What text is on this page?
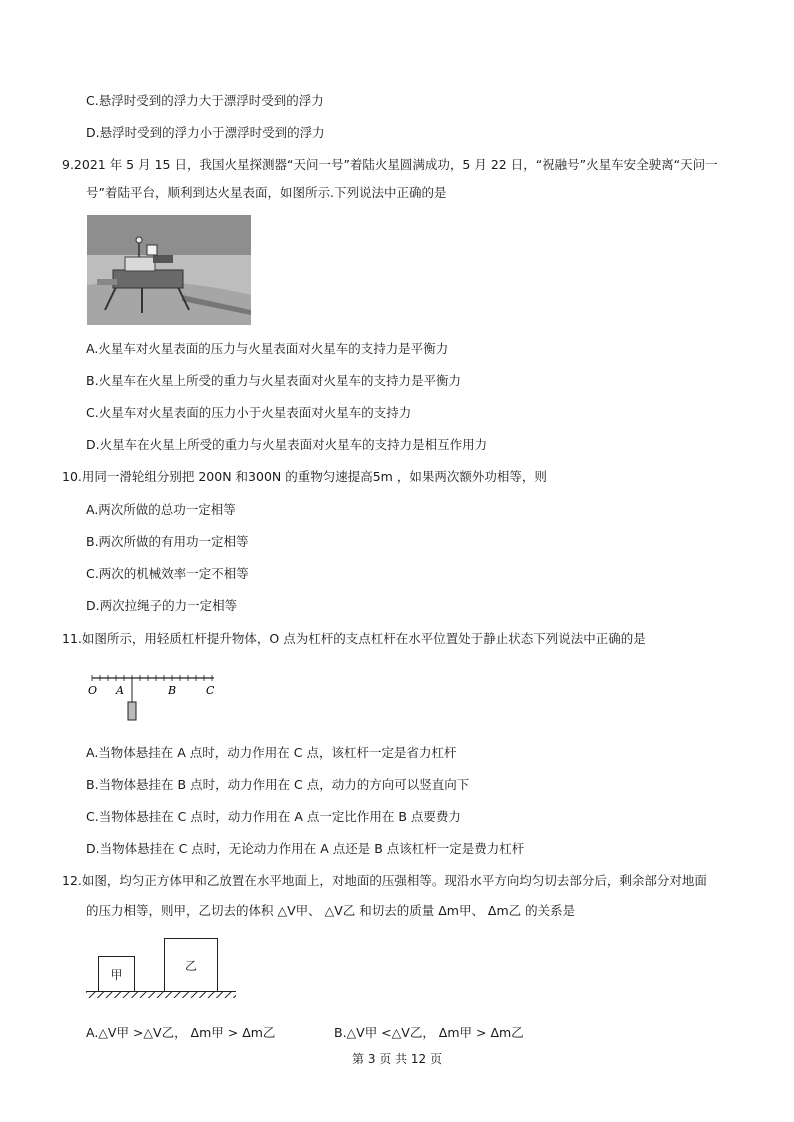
C.悬浮时受到的浮力大于漂浮时受到的浮力
D.悬浮时受到的浮力小于漂浮时受到的浮力
9.2021 年 5 月 15 日，我国火星探测器“天问一号”着陆火星圆满成功，5 月 22 日，“祝融号”火星车安全驶离“天问一
号”着陆平台，顺利到达火星表面，如图所示.下列说法中正确的是
A.火星车对火星表面的压力与火星表面对火星车的支持力是平衡力
B.火星车在火星上所受的重力与火星表面对火星车的支持力是平衡力
C.火星车对火星表面的压力小于火星表面对火星车的支持力
D.火星车在火星上所受的重力与火星表面对火星车的支持力是相互作用力
10.用同一滑轮组分别把 200N 和300N 的重物匀速提高5m ，如果两次额外功相等，则
A.两次所做的总功一定相等
B.两次所做的有用功一定相等
C.两次的机械效率一定不相等
D.两次拉绳子的力一定相等
11.如图所示，用轻质杠杆提升物体，O 点为杠杆的支点杠杆在水平位置处于静止状态下列说法中正确的是
O A	B	C
A.当物体悬挂在 A 点时，动力作用在 C 点，该杠杆一定是省力杠杆
B.当物体悬挂在 B 点时，动力作用在 C 点，动力的方向可以竖直向下
C.当物体悬挂在 C 点时，动力作用在 A 点一定比作用在 B 点要费力
D.当物体悬挂在 C 点时，无论动力作用在 A 点还是 B 点该杠杆一定是费力杠杆
12.如图，均匀正方体甲和乙放置在水平地面上，对地面的压强相等。现沿水平方向均匀切去部分后，剩余部分对地面
的压力相等，则甲，乙切去的体积 △V甲、 △V乙 和切去的质量 Δm甲、 Δm乙 的关系是
甲
乙
A.△V甲 >△V乙， Δm甲 > Δm乙	B.△V甲 <△V乙， Δm甲 > Δm乙
第 3 页 共 12 页
